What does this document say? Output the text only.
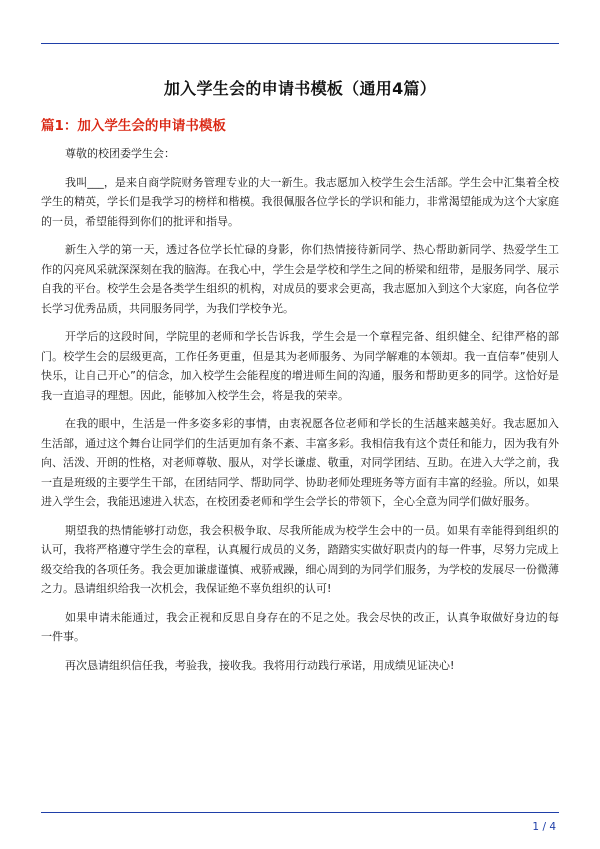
加入学生会的申请书模板（通用4篇）
篇1：加入学生会的申请书模板

尊敬的校团委学生会：

我叫___，是来自商学院财务管理专业的大一新生。我志愿加入校学生会生活部。学生会中汇集着全校学生的精英，学长们是我学习的榜样和楷模。我很佩服各位学长的学识和能力，非常渴望能成为这个大家庭的一员，希望能得到你们的批评和指导。

新生入学的第一天，透过各位学长忙碌的身影，你们热情接待新同学、热心帮助新同学、热爱学生工作的闪亮风采就深深刻在我的脑海。在我心中，学生会是学校和学生之间的桥梁和纽带，是服务同学、展示自我的平台。校学生会是各类学生组织的机构，对成员的要求会更高，我志愿加入到这个大家庭，向各位学长学习优秀品质，共同服务同学，为我们学校争光。

开学后的这段时间，学院里的老师和学长告诉我，学生会是一个章程完备、组织健全、纪律严格的部门。校学生会的层级更高，工作任务更重，但是其为老师服务、为同学解难的本领却。我一直信奉”使别人快乐，让自己开心”的信念，加入校学生会能程度的增进师生间的沟通，服务和帮助更多的同学。这恰好是我一直追寻的理想。因此，能够加入校学生会，将是我的荣幸。

在我的眼中，生活是一件多姿多彩的事情，由衷祝愿各位老师和学长的生活越来越美好。我志愿加入生活部，通过这个舞台让同学们的生活更加有条不紊、丰富多彩。我相信我有这个责任和能力，因为我有外向、活泼、开朗的性格，对老师尊敬、服从，对学长谦虚、敬重，对同学团结、互助。在进入大学之前，我一直是班级的主要学生干部，在团结同学、帮助同学、协助老师处理班务等方面有丰富的经验。所以，如果进入学生会，我能迅速进入状态，在校团委老师和学生会学长的带领下，全心全意为同学们做好服务。

期望我的热情能够打动您，我会积极争取、尽我所能成为校学生会中的一员。如果有幸能得到组织的认可，我将严格遵守学生会的章程，认真履行成员的义务，踏踏实实做好职责内的每一件事，尽努力完成上级交给我的各项任务。我会更加谦虚谨慎、戒骄戒躁，细心周到的为同学们服务，为学校的发展尽一份微薄之力。恳请组织给我一次机会，我保证绝不辜负组织的认可!

如果申请未能通过，我会正视和反思自身存在的不足之处。我会尽快的改正，认真争取做好身边的每一件事。

再次恳请组织信任我，考验我，接收我。我将用行动践行承诺，用成绩见证决心!

1 / 4
